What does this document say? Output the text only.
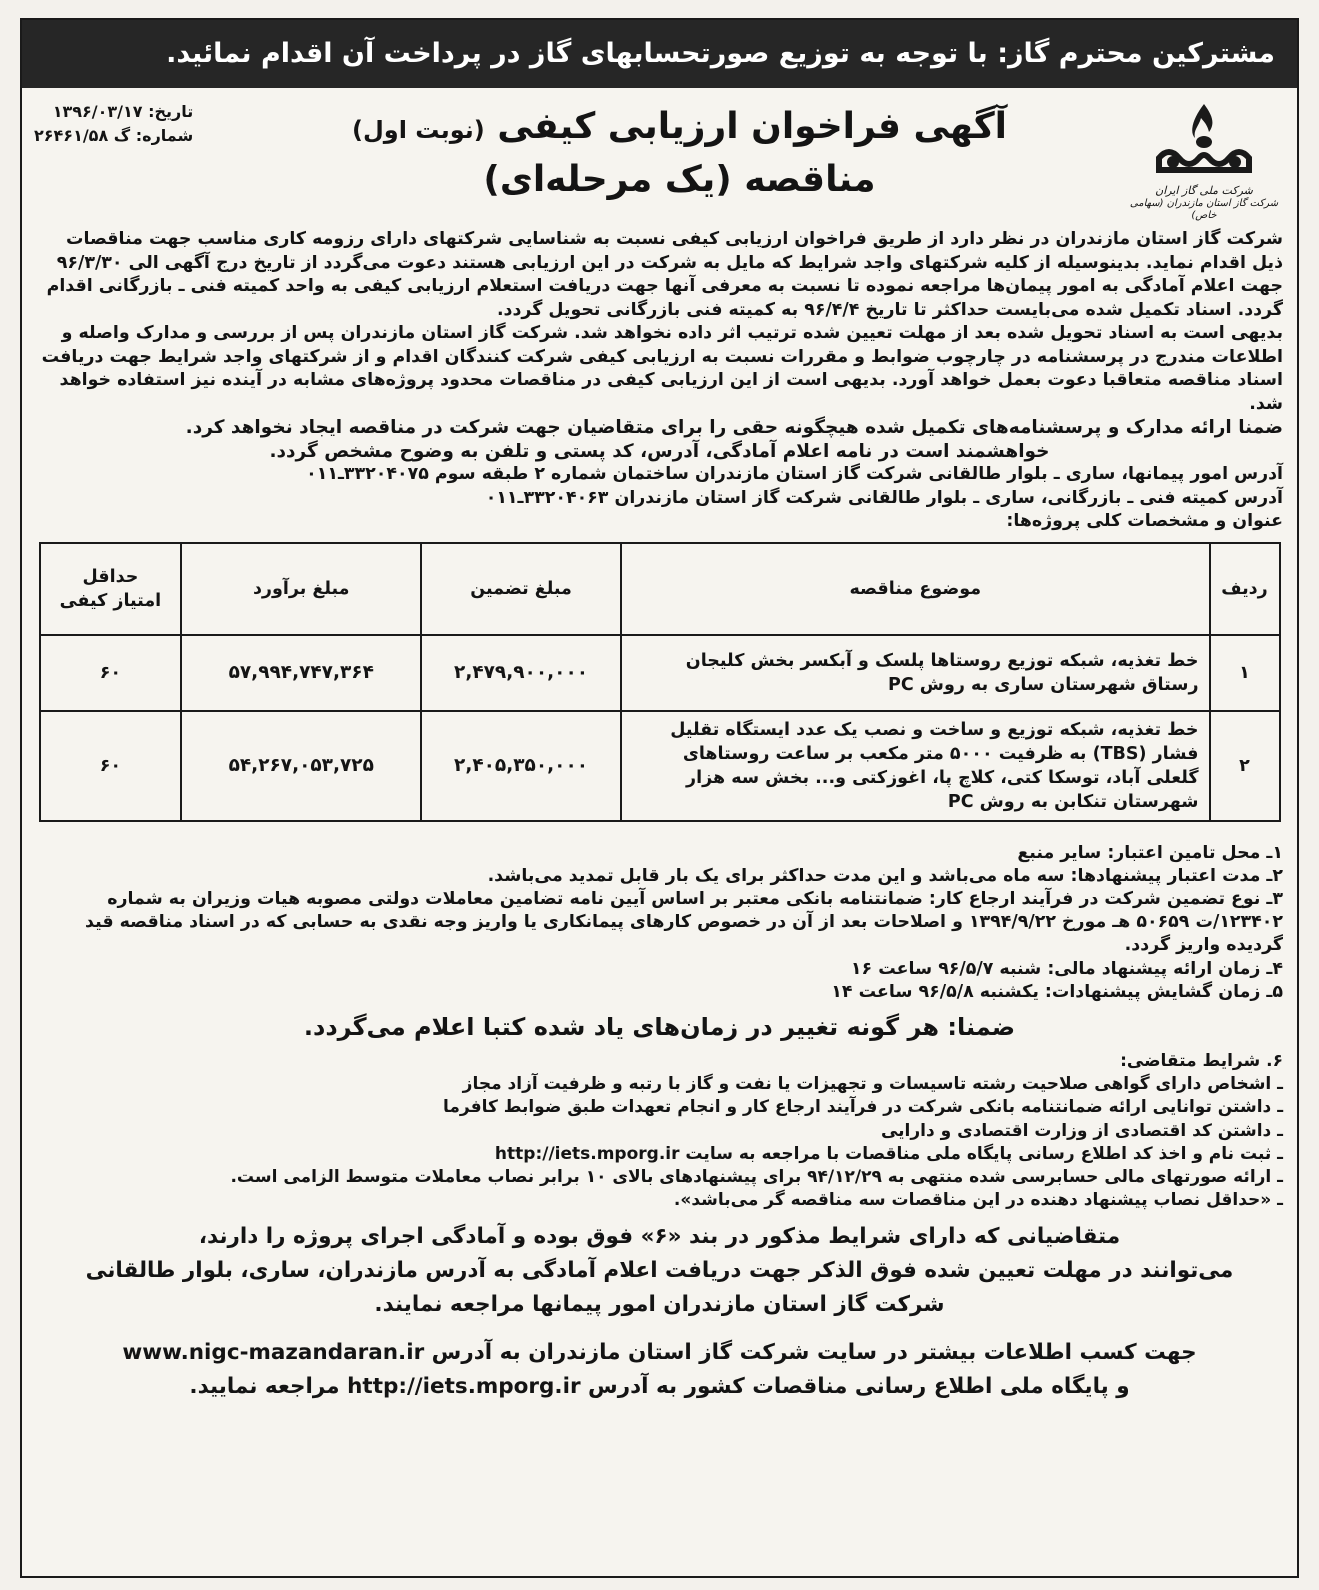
مشترکین محترم گاز: با توجه به توزیع صورتحسابهای گاز در پرداخت آن اقدام نمائید.
شرکت ملی گاز ایران
شرکت گاز استان مازندران (سهامی خاص)
آگهی فراخوان ارزیابی کیفی (نوبت اول)
مناقصه (یک مرحله‌ای)
تاریخ: ۱۳۹۶/۰۳/۱۷
شماره: گ ۲۶۴۶۱/۵۸

شرکت گاز استان مازندران در نظر دارد از طریق فراخوان ارزیابی کیفی نسبت به شناسایی شرکتهای دارای رزومه کاری مناسب جهت مناقصات ذیل اقدام نماید. بدینوسیله از کلیه شرکتهای واجد شرایط که مایل به شرکت در این ارزیابی هستند دعوت می‌گردد از تاریخ درج آگهی الی ۹۶/۳/۳۰ جهت اعلام آمادگی به امور پیمان‌ها مراجعه نموده تا نسبت به معرفی آنها جهت دریافت استعلام ارزیابی کیفی به واحد کمیته فنی ـ بازرگانی اقدام گردد. اسناد تکمیل شده می‌بایست حداکثر تا تاریخ ۹۶/۴/۴ به کمیته فنی بازرگانی تحویل گردد.

بدیهی است به اسناد تحویل شده بعد از مهلت تعیین شده ترتیب اثر داده نخواهد شد. شرکت گاز استان مازندران پس از بررسی و مدارک واصله و اطلاعات مندرج در پرسشنامه در چارچوب ضوابط و مقررات نسبت به ارزیابی کیفی شرکت کنندگان اقدام و از شرکتهای واجد شرایط جهت دریافت اسناد مناقصه متعاقبا دعوت بعمل خواهد آورد. بدیهی است از این ارزیابی کیفی در مناقصات محدود پروژه‌های مشابه در آینده نیز استفاده خواهد شد.

ضمنا ارائه مدارک و پرسشنامه‌های تکمیل شده هیچگونه حقی را برای متقاضیان جهت شرکت در مناقصه ایجاد نخواهد کرد.

خواهشمند است در نامه اعلام آمادگی، آدرس، کد پستی و تلفن به وضوح مشخص گردد.

آدرس امور پیمانها، ساری ـ بلوار طالقانی شرکت گاز استان مازندران ساختمان شماره ۲ طبقه سوم ۳۳۲۰۴۰۷۵ـ۰۱۱

آدرس کمیته فنی ـ بازرگانی، ساری ـ بلوار طالقانی شرکت گاز استان مازندران ۳۳۲۰۴۰۶۳ـ۰۱۱

عنوان و مشخصات کلی پروژه‌ها:

ردیف	موضوع مناقصه	مبلغ تضمین	مبلغ برآورد	حداقل
امتیاز کیفی

۱	خط تغذیه، شبکه توزیع روستاها پلسک و آبکسر بخش کلیجان رستاق شهرستان ساری به روش PC	۲,۴۷۹,۹۰۰,۰۰۰	۵۷,۹۹۴,۷۴۷,۳۶۴	۶۰
۲	خط تغذیه، شبکه توزیع و ساخت و نصب یک عدد ایستگاه تقلیل فشار (TBS) به ظرفیت ۵۰۰۰ متر مکعب بر ساعت روستاهای گلعلی آباد، توسکا کتی، کلاچ پا، اغوزکتی و... بخش سه هزار شهرستان تنکابن به روش PC	۲,۴۰۵,۳۵۰,۰۰۰	۵۴,۲۶۷,۰۵۳,۷۲۵	۶۰

۱ـ محل تامین اعتبار: سایر منبع

۲ـ مدت اعتبار پیشنهادها: سه ماه می‌باشد و این مدت حداکثر برای یک بار قابل تمدید می‌باشد.

۳ـ نوع تضمین شرکت در فرآیند ارجاع کار: ضمانتنامه بانکی معتبر بر اساس آیین نامه تضامین معاملات دولتی مصوبه هیات وزیران به شماره ۱۲۳۴۰۲/ت ۵۰۶۵۹ هـ مورخ ۱۳۹۴/۹/۲۲ و اصلاحات بعد از آن در خصوص کارهای پیمانکاری یا واریز وجه نقدی به حسابی که در اسناد مناقصه قید گردیده واریز گردد.

۴ـ زمان ارائه پیشنهاد مالی: شنبه ۹۶/۵/۷ ساعت ۱۶

۵ـ زمان گشایش پیشنهادات: یکشنبه ۹۶/۵/۸ ساعت ۱۴

ضمنا: هر گونه تغییر در زمان‌های یاد شده کتبا اعلام می‌گردد.

۶. شرایط متقاضی:

ـ اشخاص دارای گواهی صلاحیت رشته تاسیسات و تجهیزات یا نفت و گاز با رتبه و ظرفیت آزاد مجاز

ـ داشتن توانایی ارائه ضمانتنامه بانکی شرکت در فرآیند ارجاع کار و انجام تعهدات طبق ضوابط کافرما

ـ داشتن کد اقتصادی از وزارت اقتصادی و دارایی

ـ ثبت نام و اخذ کد اطلاع رسانی پایگاه ملی مناقصات با مراجعه به سایت http://iets.mporg.ir

ـ ارائه صورتهای مالی حسابرسی شده منتهی به ۹۴/۱۲/۲۹ برای پیشنهادهای بالای ۱۰ برابر نصاب معاملات متوسط الزامی است.

ـ «حداقل نصاب پیشنهاد دهنده در این مناقصات سه مناقصه گر می‌باشد».

متقاضیانی که دارای شرایط مذکور در بند «۶» فوق بوده و آمادگی اجرای پروژه را دارند،
می‌توانند در مهلت تعیین شده فوق الذکر جهت دریافت اعلام آمادگی به آدرس مازندران، ساری، بلوار طالقانی
شرکت گاز استان مازندران امور پیمانها مراجعه نمایند.
جهت کسب اطلاعات بیشتر در سایت شرکت گاز استان مازندران به آدرس www.nigc-mazandaran.ir
و پایگاه ملی اطلاع رسانی مناقصات کشور به آدرس http://iets.mporg.ir مراجعه نمایید.
